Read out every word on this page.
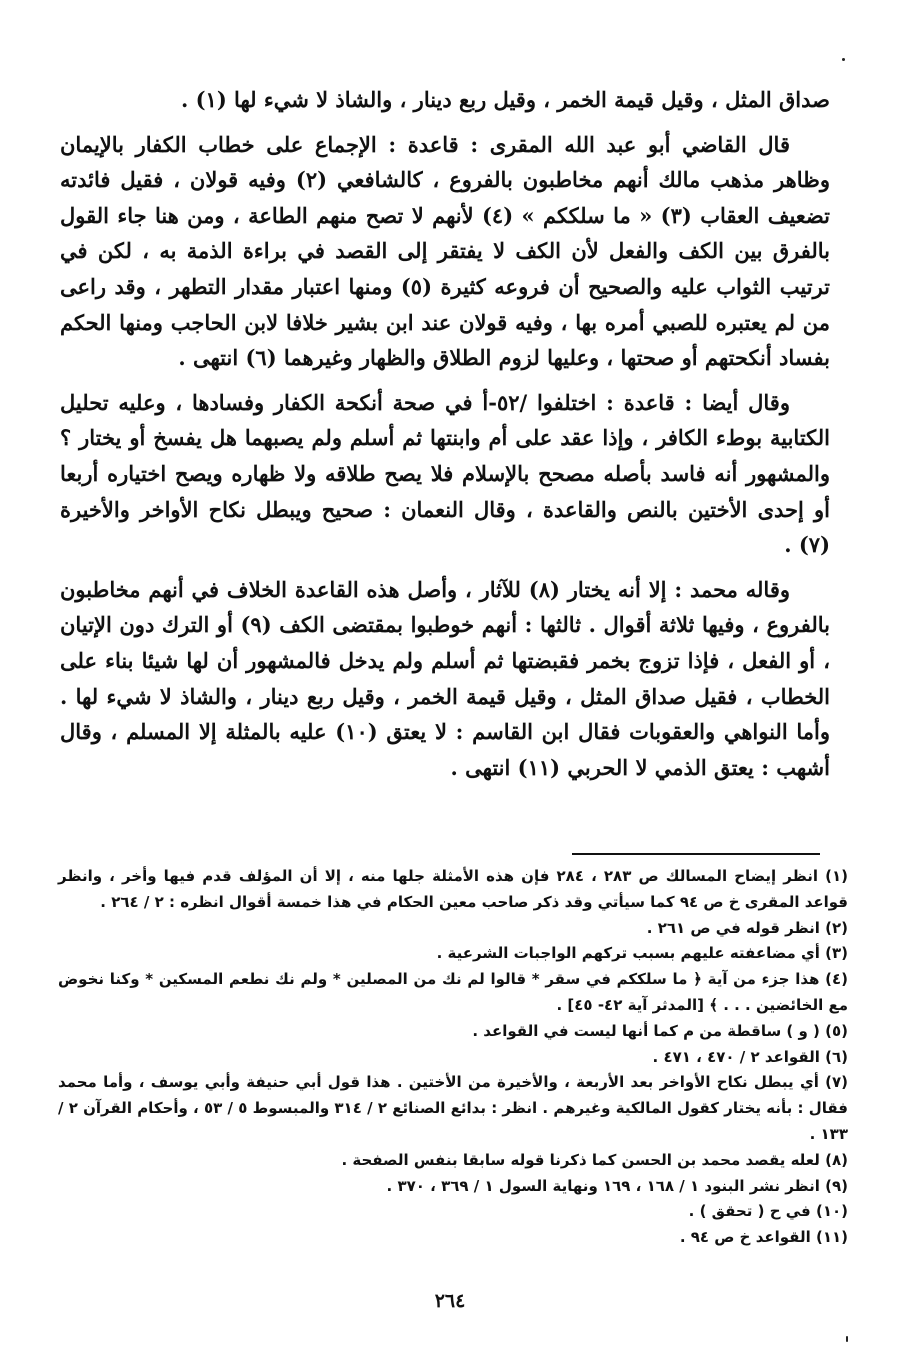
صداق المثل ، وقيل قيمة الخمر ، وقيل ربع دينار ، والشاذ لا شيء لها (١) .

قال القاضي أبو عبد الله المقرى : قاعدة : الإجماع على خطاب الكفار بالإيمان وظاهر مذهب مالك أنهم مخاطبون بالفروع ، كالشافعي (٢) وفيه قولان ، فقيل فائدته تضعيف العقاب (٣) « ما سلككم » (٤) لأنهم لا تصح منهم الطاعة ، ومن هنا جاء القول بالفرق بين الكف والفعل لأن الكف لا يفتقر إلى القصد في براءة الذمة به ، لكن في ترتيب الثواب عليه والصحيح أن فروعه كثيرة (٥) ومنها اعتبار مقدار التطهر ، وقد راعى من لم يعتبره للصبي أمره بها ، وفيه قولان عند ابن بشير خلافا لابن الحاجب ومنها الحكم بفساد أنكحتهم أو صحتها ، وعليها لزوم الطلاق والظهار وغيرهما (٦) انتهى .

وقال أيضا : قاعدة : اختلفوا /٥٢-أ في صحة أنكحة الكفار وفسادها ، وعليه تحليل الكتابية بوطء الكافر ، وإذا عقد على أم وابنتها ثم أسلم ولم يصبهما هل يفسخ أو يختار ؟ والمشهور أنه فاسد بأصله مصحح بالإسلام فلا يصح طلاقه ولا ظهاره ويصح اختياره أربعا أو إحدى الأختين بالنص والقاعدة ، وقال النعمان : صحيح ويبطل نكاح الأواخر والأخيرة (٧) .

وقاله محمد : إلا أنه يختار (٨) للآثار ، وأصل هذه القاعدة الخلاف في أنهم مخاطبون بالفروع ، وفيها ثلاثة أقوال . ثالثها : أنهم خوطبوا بمقتضى الكف (٩) أو الترك دون الإتيان ، أو الفعل ، فإذا تزوج بخمر فقبضتها ثم أسلم ولم يدخل فالمشهور أن لها شيئا بناء على الخطاب ، فقيل صداق المثل ، وقيل قيمة الخمر ، وقيل ربع دينار ، والشاذ لا شيء لها . وأما النواهي والعقوبات فقال ابن القاسم : لا يعتق (١٠) عليه بالمثلة إلا المسلم ، وقال أشهب : يعتق الذمي لا الحربي (١١) انتهى .

(١) انظر إيضاح المسالك ص ٢٨٣ ، ٢٨٤ فإن هذه الأمثلة جلها منه ، إلا أن المؤلف قدم فيها وأخر ، وانظر قواعد المقرى خ ص ٩٤ كما سيأتي وقد ذكر صاحب معين الحكام في هذا خمسة أقوال انظره : ٢ / ٢٦٤ .

(٢) انظر قوله في ص ٢٦١ .

(٣) أي مضاعفته عليهم بسبب تركهم الواجبات الشرعية .

(٤) هذا جزء من آية ﴿ ما سلككم في سقر * قالوا لم نك من المصلين * ولم نك نطعم المسكين * وكنا نخوض مع الخائضين . . . ﴾ [المدثر آية ٤٢- ٤٥] .

(٥) ( و ) ساقطة من م كما أنها ليست في القواعد .

(٦) القواعد ٢ / ٤٧٠ ، ٤٧١ .

(٧) أي يبطل نكاح الأواخر بعد الأربعة ، والأخيرة من الأختين . هذا قول أبي حنيفة وأبي يوسف ، وأما محمد فقال : بأنه يختار كقول المالكية وغيرهم . انظر : بدائع الصنائع ٢ / ٣١٤ والمبسوط ٥ / ٥٣ ، وأحكام القرآن ٢ / ١٣٣ .

(٨) لعله يقصد محمد بن الحسن كما ذكرنا قوله سابقا بنفس الصفحة .

(٩) انظر نشر البنود ١ / ١٦٨ ، ١٦٩ ونهاية السول ١ / ٣٦٩ ، ٣٧٠ .

(١٠) في ح ( تحقق ) .

(١١) القواعد خ ص ٩٤ .

٢٦٤
